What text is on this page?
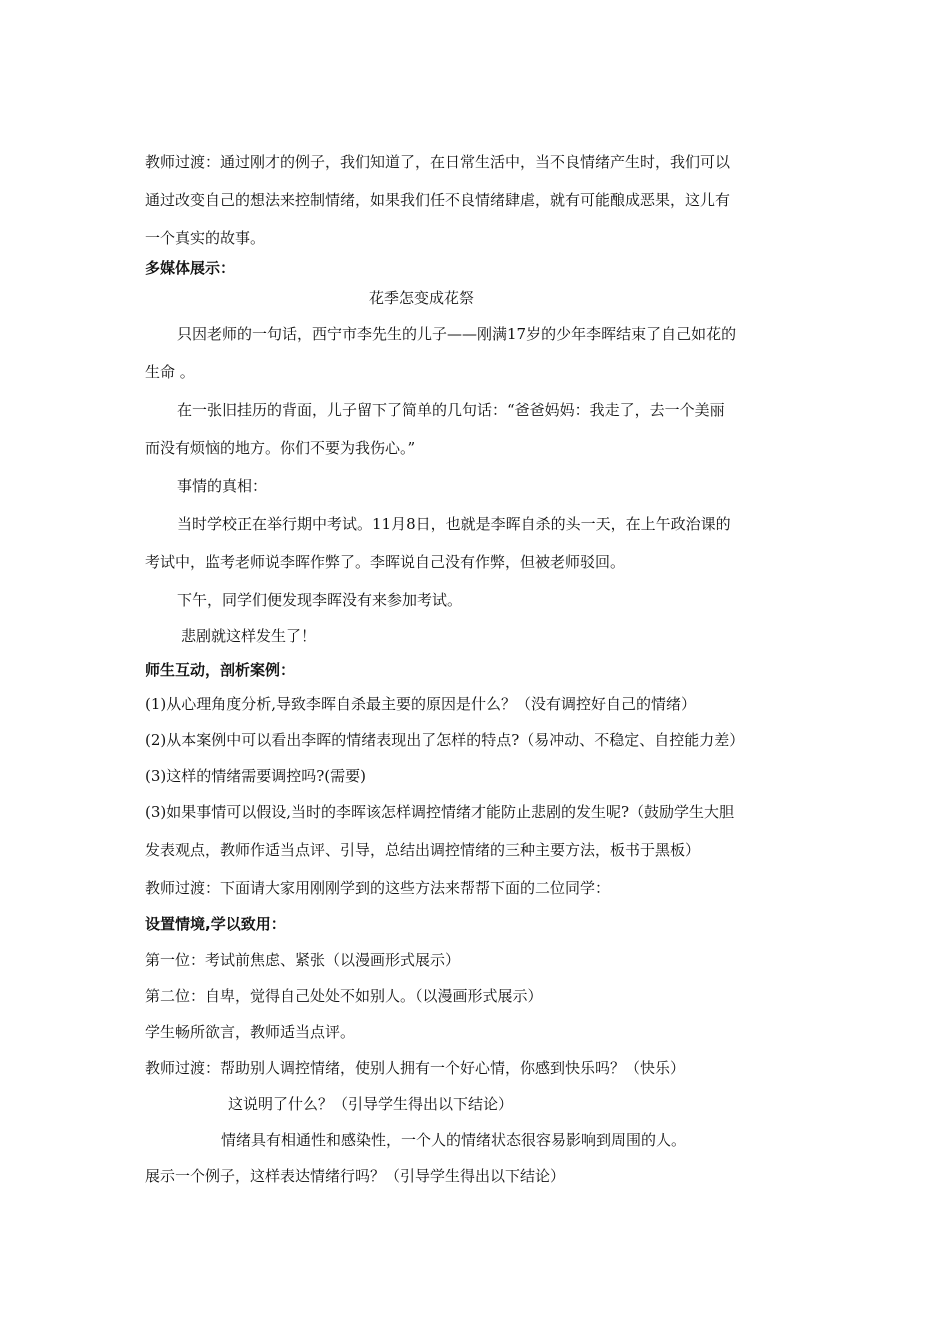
教师过渡：通过刚才的例子，我们知道了，在日常生活中，当不良情绪产生时，我们可以
通过改变自己的想法来控制情绪，如果我们任不良情绪肆虐，就有可能酿成恶果，这儿有
一个真实的故事。
多媒体展示：
花季怎变成花祭
只因老师的一句话，西宁市李先生的儿子——刚满17岁的少年李晖结束了自己如花的
生命 。
在一张旧挂历的背面，儿子留下了简单的几句话：“爸爸妈妈：我走了，去一个美丽
而没有烦恼的地方。你们不要为我伤心。”
事情的真相：
当时学校正在举行期中考试。11月8日，也就是李晖自杀的头一天，在上午政治课的
考试中，监考老师说李晖作弊了。李晖说自己没有作弊，但被老师驳回。
下午，同学们便发现李晖没有来参加考试。
悲剧就这样发生了！
师生互动，剖析案例：
(1)从心理角度分析,导致李晖自杀最主要的原因是什么？（没有调控好自己的情绪）
(2)从本案例中可以看出李晖的情绪表现出了怎样的特点?（易冲动、不稳定、自控能力差）
(3)这样的情绪需要调控吗?(需要)
(3)如果事情可以假设,当时的李晖该怎样调控情绪才能防止悲剧的发生呢?（鼓励学生大胆
发表观点，教师作适当点评、引导，总结出调控情绪的三种主要方法，板书于黑板）
教师过渡：下面请大家用刚刚学到的这些方法来帮帮下面的二位同学：
设置情境,学以致用：
第一位：考试前焦虑、紧张（以漫画形式展示）
第二位：自卑，觉得自己处处不如别人。（以漫画形式展示）
学生畅所欲言，教师适当点评。
教师过渡：帮助别人调控情绪，使别人拥有一个好心情，你感到快乐吗？（快乐）
这说明了什么？（引导学生得出以下结论）
情绪具有相通性和感染性，一个人的情绪状态很容易影响到周围的人。
展示一个例子，这样表达情绪行吗？（引导学生得出以下结论）
